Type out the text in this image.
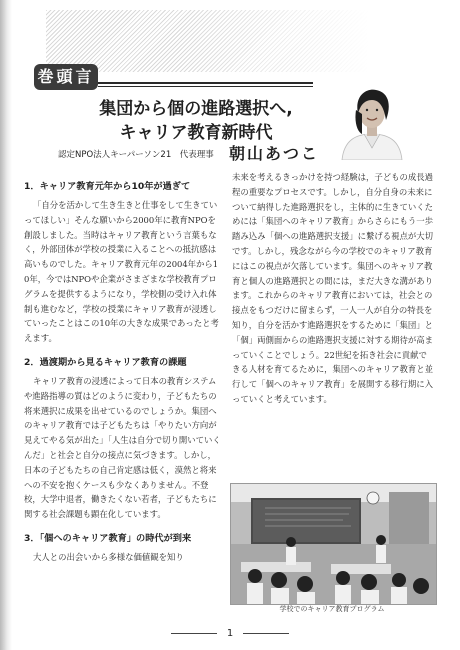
巻頭言
集団から個の進路選択へ,
キャリア教育新時代
認定NPO法人キーパーソン21　代表理事 朝山あつこ
1．キャリア教育元年から10年が過ぎて

「自分を活かして生き生きと仕事をして生きていってほしい」そんな願いから2000年に教育NPOを創設しました。当時はキャリア教育という言葉もなく，外部団体が学校の授業に入ることへの抵抗感は高いものでした。キャリア教育元年の2004年から10年，今ではNPOや企業がさまざまな学校教育プログラムを提供するようになり，学校側の受け入れ体制も進むなど，学校の授業にキャリア教育が浸透していったことはこの10年の大きな成果であったと考えます。

2．過渡期から見るキャリア教育の課題

キャリア教育の浸透によって日本の教育システムや進路指導の質はどのように変わり，子どもたちの将来選択に成果を出せているのでしょうか。集団へのキャリア教育では子どもたちは「やりたい方向が見えてやる気が出た」「人生は自分で切り開いていくんだ」と社会と自分の接点に気づきます。しかし，日本の子どもたちの自己肯定感は低く，漠然と将来への不安を抱くケースも少なくありません。不登校，大学中退者，働きたくない若者，子どもたちに関する社会課題も顕在化しています。

3．「個へのキャリア教育」の時代が到来

大人との出会いから多様な価値観を知り

未来を考えるきっかけを持つ経験は，子どもの成長過程の重要なプロセスです。しかし，自分自身の未来について納得した進路選択をし，主体的に生きていくためには「集団へのキャリア教育」からさらにもう一歩踏み込み「個への進路選択支援」に繋げる視点が大切です。しかし，残念ながら今の学校でのキャリア教育にはこの視点が欠落しています。集団へのキャリア教育と個人の進路選択との間には，まだ大きな溝があります。これからのキャリア教育においては，社会との接点をもつだけに留まらず，一人一人が自分の特長を知り，自分を活かす進路選択をするために「集団」と「個」両側面からの進路選択支援に対する期待が高まっていくことでしょう。22世紀を拓き社会に貢献できる人材を育てるために，集団へのキャリア教育と並行して「個へのキャリア教育」を展開する移行期に入っていくと考えています。

学校でのキャリア教育プログラム
1
